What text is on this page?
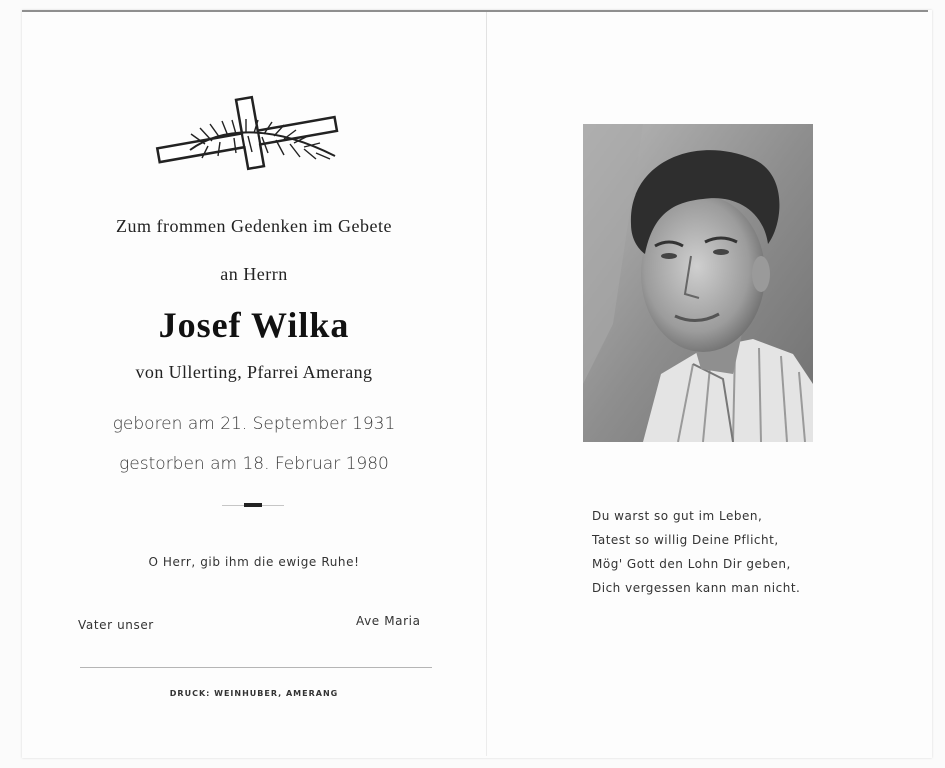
Zum frommen Gedenken im Gebete
an Herrn
Josef Wilka
von Ullerting, Pfarrei Amerang
geboren am 21. September 1931
gestorben am 18. Februar 1980
O Herr, gib ihm die ewige Ruhe!
Vater unser	Ave Maria
DRUCK: WEINHUBER, AMERANG
Du warst so gut im Leben,
Tatest so willig Deine Pflicht,
Mög' Gott den Lohn Dir geben,
Dich vergessen kann man nicht.
